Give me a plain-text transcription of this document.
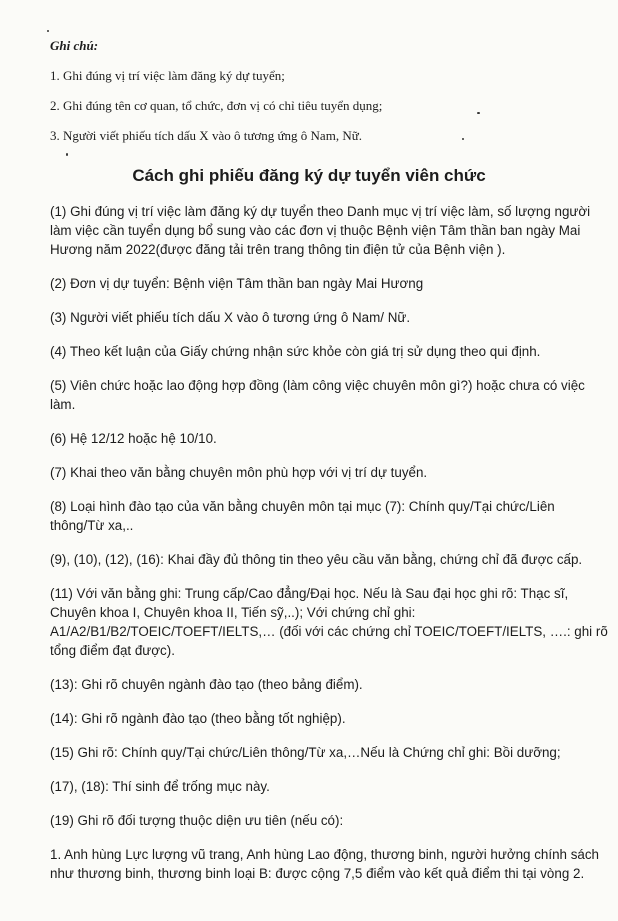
Ghi chú:
1. Ghi đúng vị trí việc làm đăng ký dự tuyển;
2. Ghi đúng tên cơ quan, tổ chức, đơn vị có chỉ tiêu tuyển dụng;
3. Người viết phiếu tích dấu X vào ô tương ứng ô Nam, Nữ.
Cách ghi phiếu đăng ký dự tuyển viên chức
(1) Ghi đúng vị trí việc làm đăng ký dự tuyển theo Danh mục vị trí việc làm, số lượng người làm việc cần tuyển dụng bổ sung vào các đơn vị thuộc Bệnh viện Tâm thần ban ngày Mai Hương năm 2022(được đăng tải trên trang thông tin điện tử của Bệnh viện ).
(2) Đơn vị dự tuyển: Bệnh viện Tâm thần ban ngày Mai Hương
(3) Người viết phiếu tích dấu X vào ô tương ứng ô Nam/ Nữ.
(4) Theo kết luận của Giấy chứng nhận sức khỏe còn giá trị sử dụng theo qui định.
(5) Viên chức hoặc lao động hợp đồng (làm công việc chuyên môn gì?) hoặc chưa có việc làm.
(6) Hệ 12/12 hoặc hệ 10/10.
(7) Khai theo văn bằng chuyên môn phù hợp với vị trí dự tuyển.
(8) Loại hình đào tạo của văn bằng chuyên môn tại mục (7): Chính quy/Tại chức/Liên thông/Từ xa,..
(9), (10), (12), (16): Khai đầy đủ thông tin theo yêu cầu văn bằng, chứng chỉ đã được cấp.
(11) Với văn bằng ghi: Trung cấp/Cao đẳng/Đại học. Nếu là Sau đại học ghi rõ: Thạc sĩ, Chuyên khoa I, Chuyên khoa II, Tiến sỹ,..); Với chứng chỉ ghi: A1/A2/B1/B2/TOEIC/TOEFT/IELTS,… (đối với các chứng chỉ TOEIC/TOEFT/IELTS, ….: ghi rõ tổng điểm đạt được).
(13): Ghi rõ chuyên ngành đào tạo (theo bảng điểm).
(14): Ghi rõ ngành đào tạo (theo bằng tốt nghiệp).
(15) Ghi rõ: Chính quy/Tại chức/Liên thông/Từ xa,…Nếu là Chứng chỉ ghi: Bồi dưỡng;
(17), (18): Thí sinh để trống mục này.
(19) Ghi rõ đối tượng thuộc diện ưu tiên (nếu có):
1. Anh hùng Lực lượng vũ trang, Anh hùng Lao động, thương binh, người hưởng chính sách như thương binh, thương binh loại B: được cộng 7,5 điểm vào kết quả điểm thi tại vòng 2.
